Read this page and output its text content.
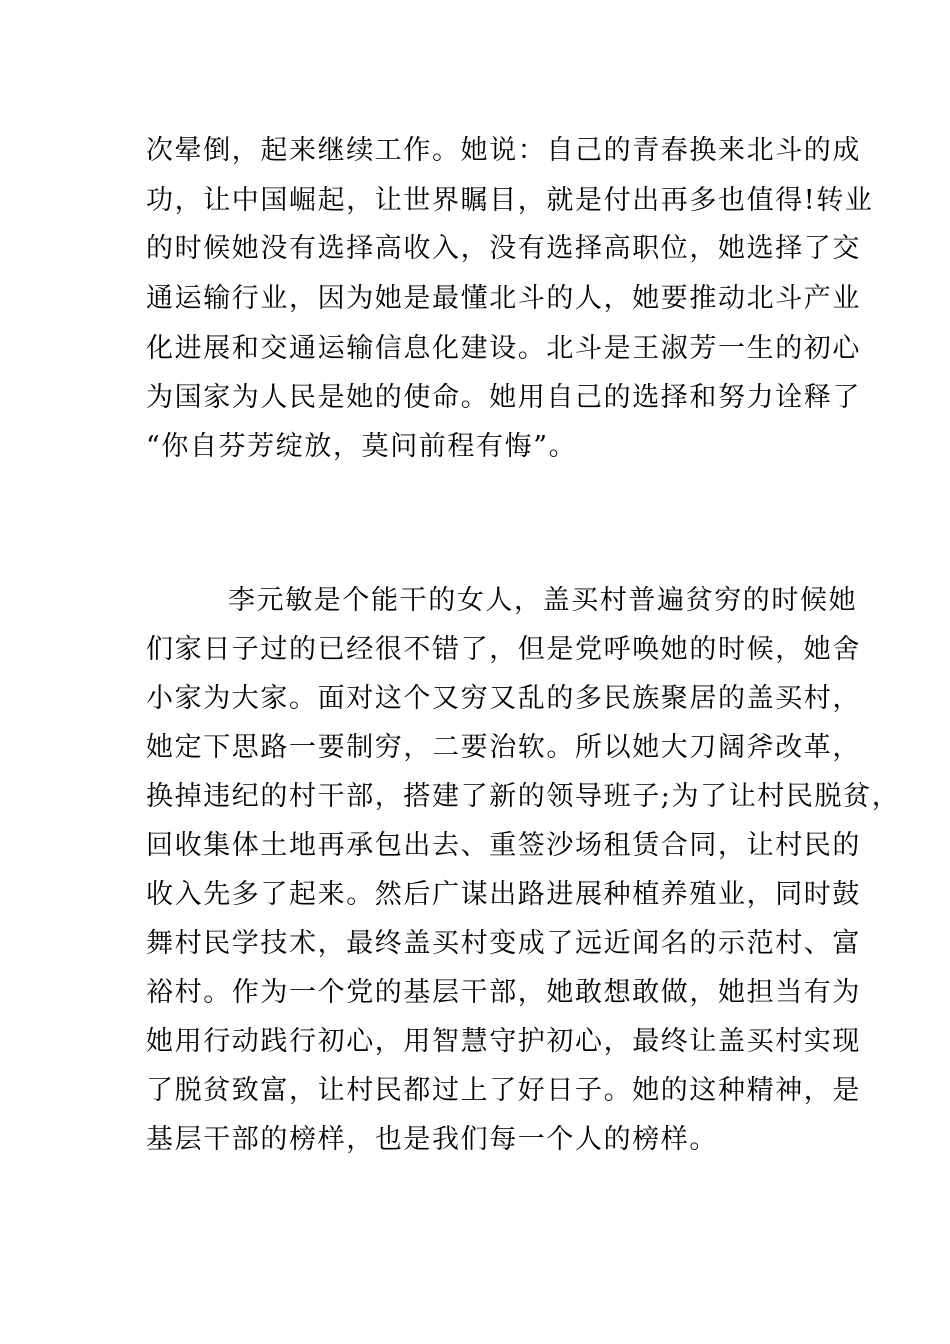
次晕倒，起来继续工作。她说：自己的青春换来北斗的成
功，让中国崛起，让世界瞩目，就是付出再多也值得!转业
的时候她没有选择高收入，没有选择高职位，她选择了交
通运输行业，因为她是最懂北斗的人，她要推动北斗产业
化进展和交通运输信息化建设。北斗是王淑芳一生的初心
为国家为人民是她的使命。她用自己的选择和努力诠释了
“你自芬芳绽放，莫问前程有悔”。
李元敏是个能干的女人，盖买村普遍贫穷的时候她
们家日子过的已经很不错了，但是党呼唤她的时候，她舍
小家为大家。面对这个又穷又乱的多民族聚居的盖买村，
她定下思路一要制穷，二要治软。所以她大刀阔斧改革，
换掉违纪的村干部，搭建了新的领导班子;为了让村民脱贫，
回收集体土地再承包出去、重签沙场租赁合同，让村民的
收入先多了起来。然后广谋出路进展种植养殖业，同时鼓
舞村民学技术，最终盖买村变成了远近闻名的示范村、富
裕村。作为一个党的基层干部，她敢想敢做，她担当有为
她用行动践行初心，用智慧守护初心，最终让盖买村实现
了脱贫致富，让村民都过上了好日子。她的这种精神，是
基层干部的榜样，也是我们每一个人的榜样。
